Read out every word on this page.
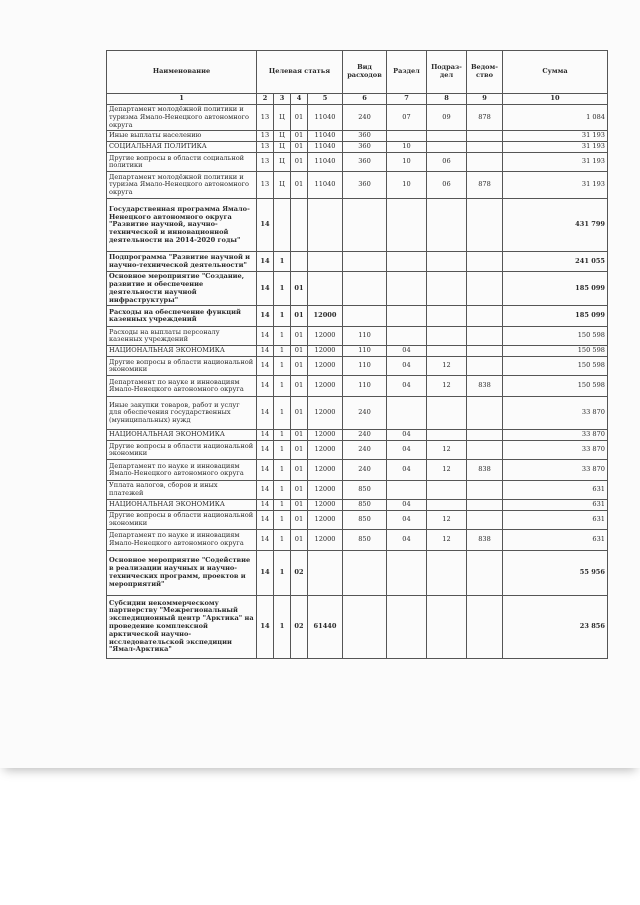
Наименование	Целевая статья				Вид расходов	Раздел	Подраз-дел	Ведом-ство	Сумма
1	2	3	4	5	6	7	8	9	10
Департамент молодёжной политики и туризма Ямало-Ненецкого автономного округа	13	Ц	01	11040	240	07	09	878	1 084
Иные выплаты населению	13	Ц	01	11040	360				31 193
СОЦИАЛЬНАЯ ПОЛИТИКА	13	Ц	01	11040	360	10			31 193
Другие вопросы в области социальной политики	13	Ц	01	11040	360	10	06		31 193
Департамент молодёжной политики и туризма Ямало-Ненецкого автономного округа	13	Ц	01	11040	360	10	06	878	31 193
Государственная программа Ямало-Ненецкого автономного округа "Развитие научной, научно-технической и инновационной деятельности на 2014-2020 годы"	14								431 799
Подпрограмма "Развитие научной и научно-технической деятельности"	14	1							241 055
Основное мероприятие "Создание, развитие и обеспечение деятельности научной инфраструктуры"	14	1	01						185 099
Расходы на обеспечение функций казенных учреждений	14	1	01	12000					185 099
Расходы на выплаты персоналу казенных учреждений	14	1	01	12000	110				150 598
НАЦИОНАЛЬНАЯ ЭКОНОМИКА	14	1	01	12000	110	04			150 598
Другие вопросы в области национальной экономики	14	1	01	12000	110	04	12		150 598
Департамент по науке и инновациям Ямало-Ненецкого автономного округа	14	1	01	12000	110	04	12	838	150 598
Иные закупки товаров, работ и услуг для обеспечения государственных (муниципальных) нужд	14	1	01	12000	240				33 870
НАЦИОНАЛЬНАЯ ЭКОНОМИКА	14	1	01	12000	240	04			33 870
Другие вопросы в области национальной экономики	14	1	01	12000	240	04	12		33 870
Департамент по науке и инновациям Ямало-Ненецкого автономного округа	14	1	01	12000	240	04	12	838	33 870
Уплата налогов, сборов и иных платежей	14	1	01	12000	850				631
НАЦИОНАЛЬНАЯ ЭКОНОМИКА	14	1	01	12000	850	04			631
Другие вопросы в области национальной экономики	14	1	01	12000	850	04	12		631
Департамент по науке и инновациям Ямало-Ненецкого автономного округа	14	1	01	12000	850	04	12	838	631
Основное мероприятие "Содействие в реализации научных и научно-технических программ, проектов и мероприятий"	14	1	02						55 956
Субсидии некоммерческому партнерству "Межрегиональный экспедиционный центр "Арктика" на проведение комплексной арктической научно-исследовательской экспедиции "Ямал-Арктика"	14	1	02	61440					23 856
